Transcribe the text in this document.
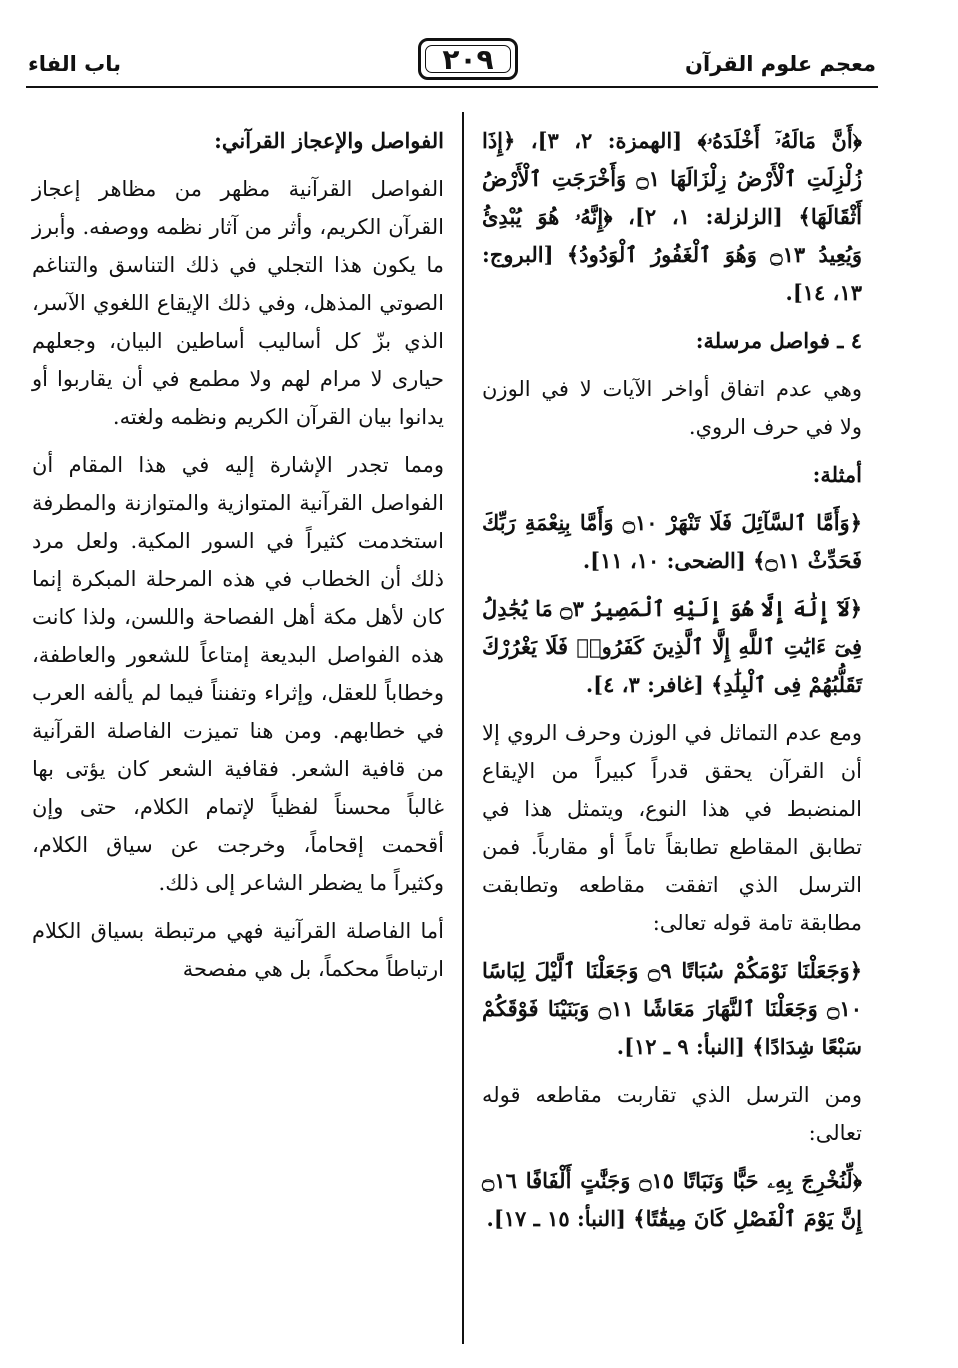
معجم علوم القرآن
٢٠٩
باب الفاء

﴿أَنَّ مَالَهُۥٓ أَخْلَدَهُۥ﴾ [الهمزة: ٢، ٣]، ﴿إِذَا زُلْزِلَتِ ٱلْأَرْضُ زِلْزَالَهَا ۝١ وَأَخْرَجَتِ ٱلْأَرْضُ أَثْقَالَهَا﴾ [الزلزلة: ١، ٢]، ﴿إِنَّهُۥ هُوَ يُبْدِئُ وَيُعِيدُ ۝١٣ وَهُوَ ٱلْغَفُورُ ٱلْوَدُودُ﴾ [البروج: ١٣، ١٤].

٤ ـ فواصل مرسلة:

وهي عدم اتفاق أواخر الآيات لا في الوزن ولا في حرف الروي.

أمثلة:

﴿وَأَمَّا ٱلسَّآئِلَ فَلَا تَنْهَرْ ۝١٠ وَأَمَّا بِنِعْمَةِ رَبِّكَ فَحَدِّثْ ۝١١﴾ [الضحى: ١٠، ١١].

﴿لَآ إِلَٰهَ إِلَّا هُوَ إِلَيْهِ ٱلْمَصِيرُ ۝٣ مَا يُجَٰدِلُ فِىٓ ءَايَٰتِ ٱللَّهِ إِلَّا ٱلَّذِينَ كَفَرُوا۟ فَلَا يَغْرُرْكَ تَقَلُّبُهُمْ فِى ٱلْبِلَٰدِ﴾ [غافر: ٣، ٤].

ومع عدم التماثل في الوزن وحرف الروي إلا أن القرآن يحقق قدراً كبيراً من الإيقاع المنضبط في هذا النوع، ويتمثل هذا في تطابق المقاطع تطابقاً تاماً أو مقارباً. فمن الترسل الذي اتفقت مقاطعه وتطابقت مطابقة تامة قوله تعالى:

﴿وَجَعَلْنَا نَوْمَكُمْ سُبَاتًا ۝٩ وَجَعَلْنَا ٱلَّيْلَ لِبَاسًا ۝١٠ وَجَعَلْنَا ٱلنَّهَارَ مَعَاشًا ۝١١ وَبَنَيْنَا فَوْقَكُمْ سَبْعًا شِدَادًا﴾ [النبأ: ٩ ـ ١٢].

ومن الترسل الذي تقاربت مقاطعه قوله تعالى:

﴿لِّنُخْرِجَ بِهِۦ حَبًّا وَنَبَاتًا ۝١٥ وَجَنَّٰتٍ أَلْفَافًا ۝١٦ إِنَّ يَوْمَ ٱلْفَصْلِ كَانَ مِيقَٰتًا﴾ [النبأ: ١٥ ـ ١٧].

الفواصل والإعجاز القرآني:

الفواصل القرآنية مظهر من مظاهر إعجاز القرآن الكريم، وأثر من آثار نظمه ووصفه. وأبرز ما يكون هذا التجلي في ذلك التناسق والتناغم الصوتي المذهل، وفي ذلك الإيقاع اللغوي الآسر، الذي بزّ كل أساليب أساطين البيان، وجعلهم حيارى لا مرام لهم ولا مطمع في أن يقاربوا أو يدانوا بيان القرآن الكريم ونظمه ولغته.

ومما تجدر الإشارة إليه في هذا المقام أن الفواصل القرآنية المتوازية والمتوازنة والمطرفة استخدمت كثيراً في السور المكية. ولعل مرد ذلك أن الخطاب في هذه المرحلة المبكرة إنما كان لأهل مكة أهل الفصاحة واللسن، ولذا كانت هذه الفواصل البديعة إمتاعاً للشعور والعاطفة، وخطاباً للعقل، وإثراء وتفنناً فيما لم يألفه العرب في خطابهم. ومن هنا تميزت الفاصلة القرآنية من قافية الشعر. فقافية الشعر كان يؤتى بها غالباً محسناً لفظياً لإتمام الكلام، حتى وإن أقحمت إقحاماً، وخرجت عن سياق الكلام، وكثيراً ما يضطر الشاعر إلى ذلك.

أما الفاصلة القرآنية فهي مرتبطة بسياق الكلام ارتباطاً محكماً، بل هي مفصحة
